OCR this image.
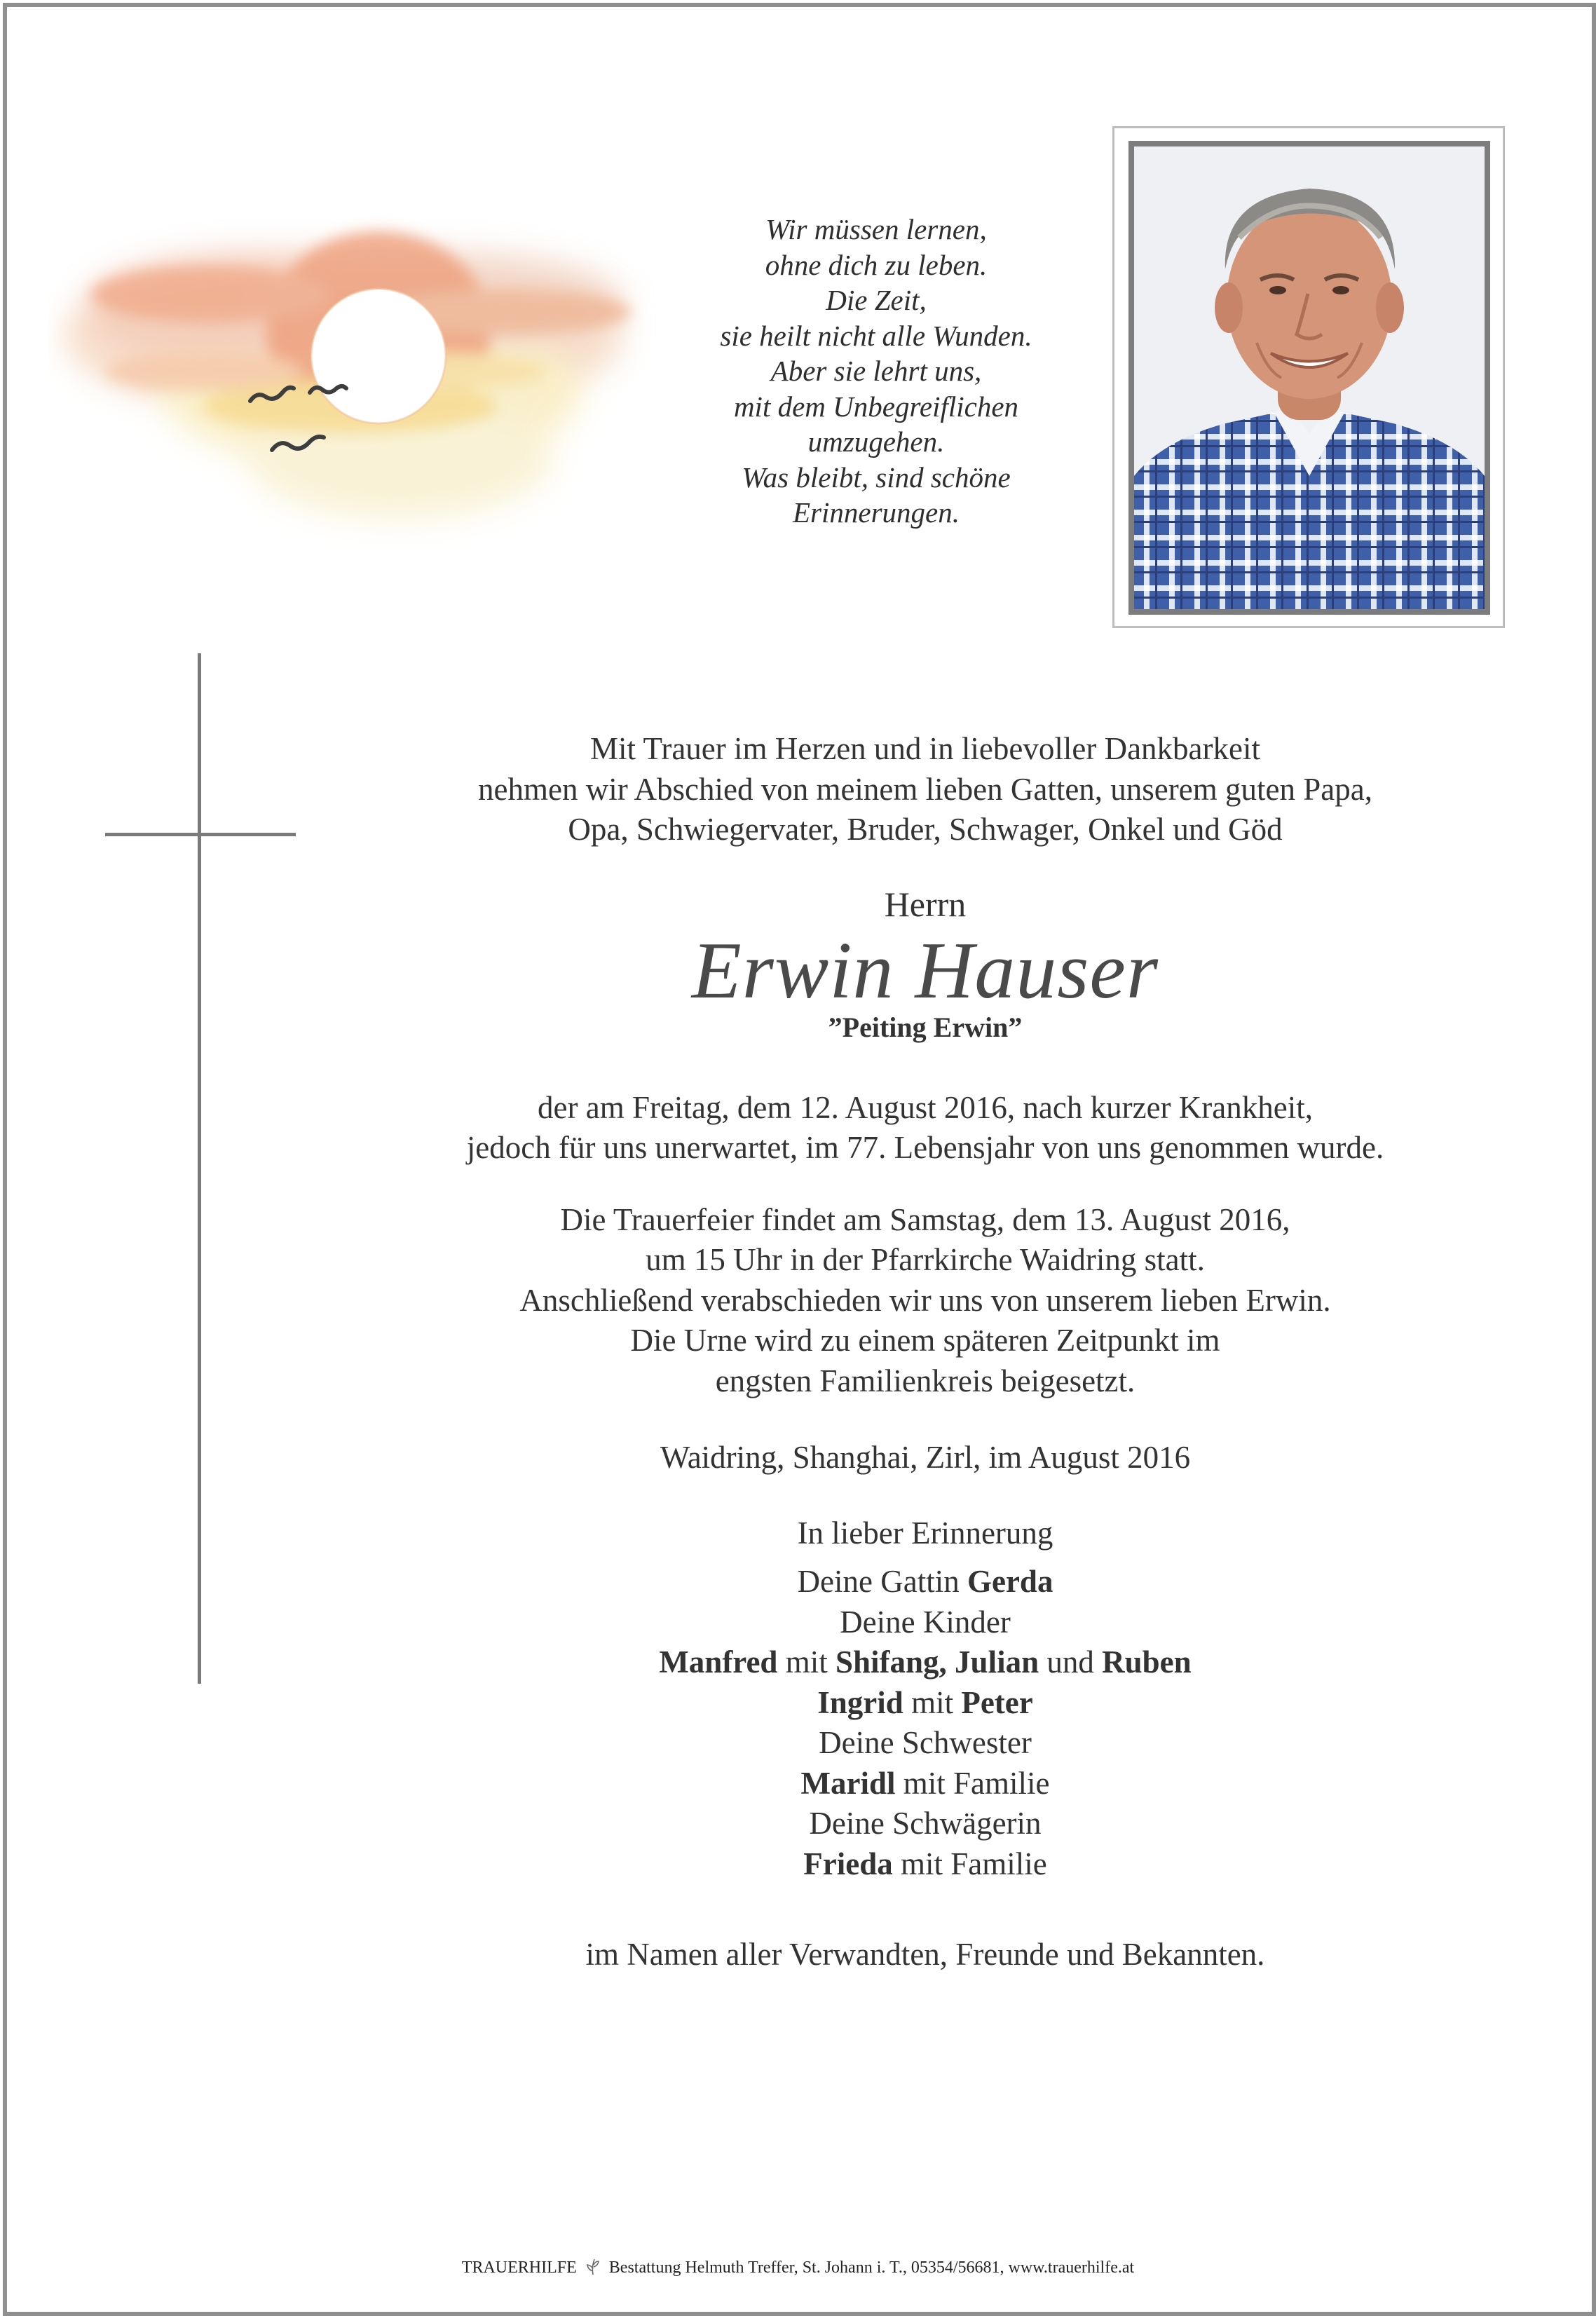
Wir müssen lernen,
ohne dich zu leben.
Die Zeit,
sie heilt nicht alle Wunden.
Aber sie lehrt uns,
mit dem Unbegreiflichen
umzugehen.
Was bleibt, sind schöne
Erinnerungen.
Mit Trauer im Herzen und in liebevoller Dankbarkeit
nehmen wir Abschied von meinem lieben Gatten, unserem guten Papa,
Opa, Schwiegervater, Bruder, Schwager, Onkel und Göd
Herrn
Erwin Hauser
”Peiting Erwin”
der am Freitag, dem 12. August 2016, nach kurzer Krankheit,
jedoch für uns unerwartet, im 77. Lebensjahr von uns genommen wurde.
Die Trauerfeier findet am Samstag, dem 13. August 2016,
um 15 Uhr in der Pfarrkirche Waidring statt.
Anschließend verabschieden wir uns von unserem lieben Erwin.
Die Urne wird zu einem späteren Zeitpunkt im
engsten Familienkreis beigesetzt.
Waidring, Shanghai, Zirl, im August 2016
In lieber Erinnerung
Deine Gattin Gerda
Deine Kinder
Manfred mit Shifang, Julian und Ruben
Ingrid mit Peter
Deine Schwester
Maridl mit Familie
Deine Schwägerin
Frieda mit Familie
im Namen aller Verwandten, Freunde und Bekannten.
TRAUERHILFE Bestattung Helmuth Treffer, St. Johann i. T., 05354/56681, www.trauerhilfe.at
